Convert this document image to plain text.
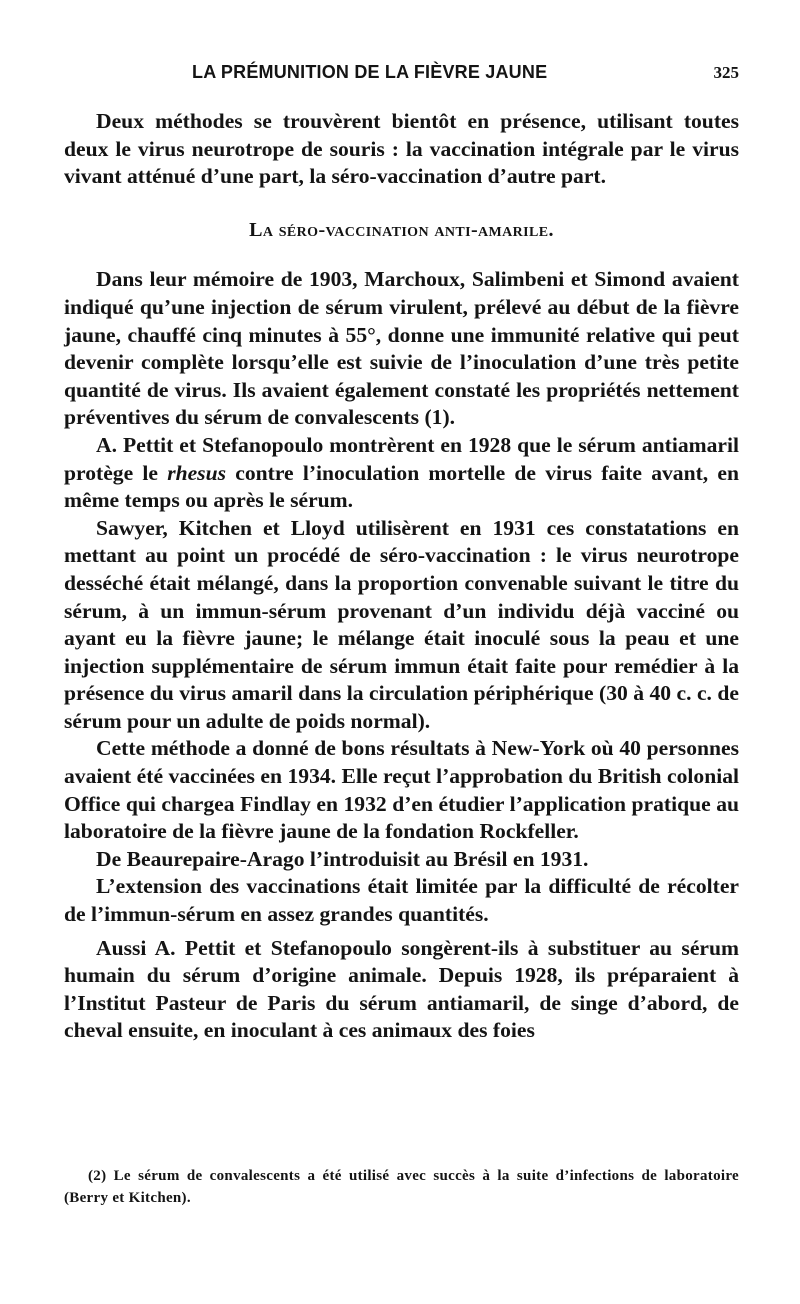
LA PRÉMUNITION DE LA FIÈVRE JAUNE	325

Deux méthodes se trouvèrent bientôt en présence, utilisant toutes deux le virus neurotrope de souris : la vaccination intégrale par le virus vivant atténué d’une part, la séro-vaccination d’autre part.

La séro-vaccination anti-amarile.

Dans leur mémoire de 1903, Marchoux, Salimbeni et Simond avaient indiqué qu’une injection de sérum virulent, prélevé au début de la fièvre jaune, chauffé cinq minutes à 55°, donne une immunité relative qui peut devenir complète lorsqu’elle est suivie de l’inoculation d’une très petite quantité de virus. Ils avaient également constaté les propriétés nettement préventives du sérum de convalescents (1).

A. Pettit et Stefanopoulo montrèrent en 1928 que le sérum antiamaril protège le rhesus contre l’inoculation mortelle de virus faite avant, en même temps ou après le sérum.

Sawyer, Kitchen et Lloyd utilisèrent en 1931 ces constatations en mettant au point un procédé de séro-vaccination : le virus neurotrope desséché était mélangé, dans la proportion convenable suivant le titre du sérum, à un immun-sérum provenant d’un individu déjà vacciné ou ayant eu la fièvre jaune; le mélange était inoculé sous la peau et une injection supplémentaire de sérum immun était faite pour remédier à la présence du virus amaril dans la circulation périphérique (30 à 40 c. c. de sérum pour un adulte de poids normal).

Cette méthode a donné de bons résultats à New-York où 40 personnes avaient été vaccinées en 1934. Elle reçut l’approbation du British colonial Office qui chargea Findlay en 1932 d’en étudier l’application pratique au laboratoire de la fièvre jaune de la fondation Rockfeller.

De Beaurepaire-Arago l’introduisit au Brésil en 1931.

L’extension des vaccinations était limitée par la difficulté de récolter de l’immun-sérum en assez grandes quantités.

Aussi A. Pettit et Stefanopoulo songèrent-ils à substituer au sérum humain du sérum d’origine animale. Depuis 1928, ils préparaient à l’Institut Pasteur de Paris du sérum antiamaril, de singe d’abord, de cheval ensuite, en inoculant à ces animaux des foies

(2) Le sérum de convalescents a été utilisé avec succès à la suite d’infections de laboratoire (Berry et Kitchen).
